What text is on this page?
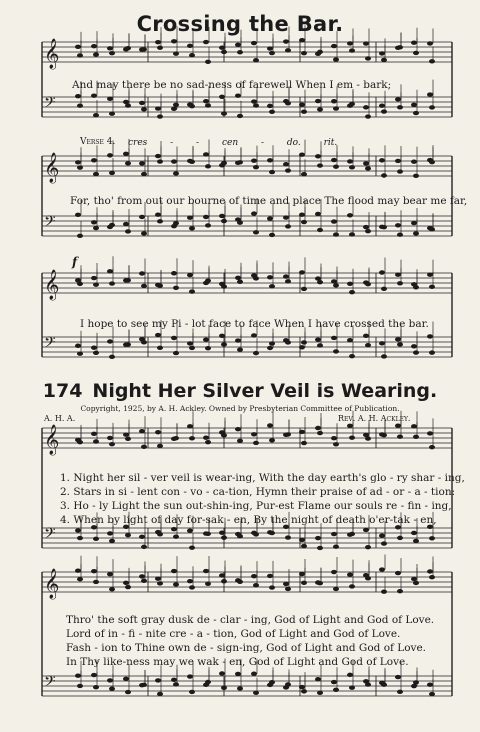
Crossing the Bar.
𝄞
𝄢
𝄞
𝄢
𝄞
𝄢
𝄞
𝄢
𝄞
𝄢
And may there be no sad-ness of farewell When I em - bark;
Verse 4. cres - - cen - do. rit.
For, tho' from out our bourne of time and place The flood may bear me far,
f
I hope to see my Pi - lot face to face When I have crossed the bar.
174 Night Her Silver Veil is Wearing.
Copyright, 1925, by A. H. Ackley. Owned by Presbyterian Committee of Publication.
A. H. A.	Rev. A. H. Ackley.
1. Night her sil - ver veil is wear-ing, With the day earth's glo - ry shar - ing,
2. Stars in si - lent con - vo - ca-tion, Hymn their praise of ad - or - a - tion:
3. Ho - ly Light the sun out-shin-ing, Pur-est Flame our souls re - fin - ing,
4. When by light of day for-sak - en, By the night of death o'er-tak - en,
Thro' the soft gray dusk de - clar - ing, God of Light and God of Love.
Lord of in - fi - nite cre - a - tion, God of Light and God of Love.
Fash - ion to Thine own de - sign-ing, God of Light and God of Love.
In Thy like-ness may we wak - en, God of Light and God of Love.
